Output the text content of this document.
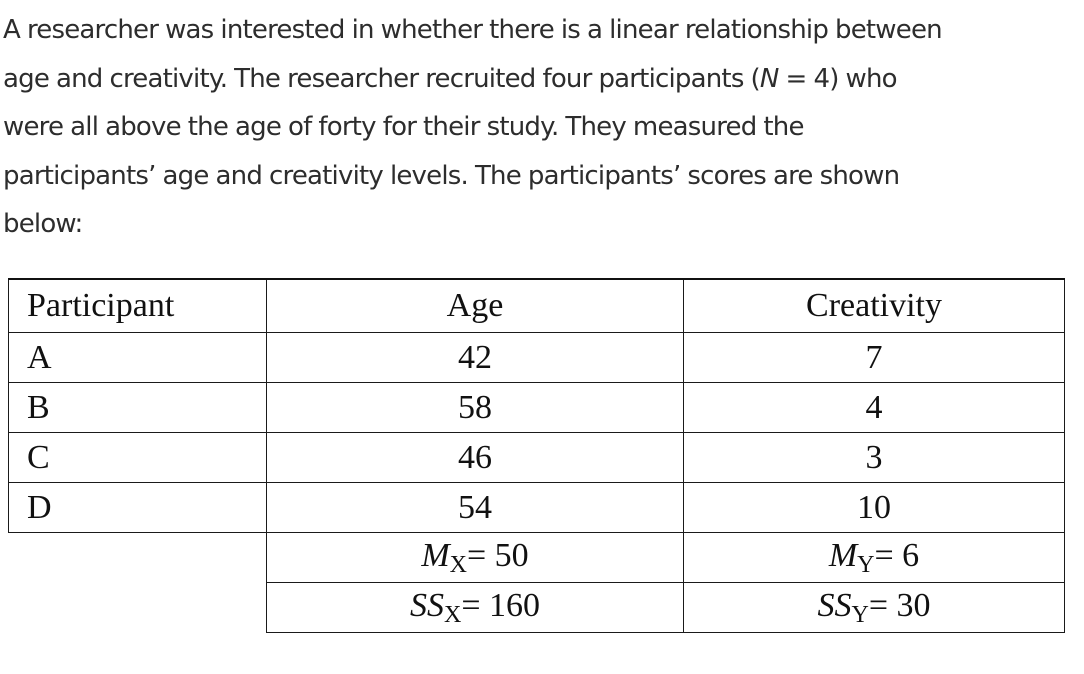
A researcher was interested in whether there is a linear relationship between
age and creativity. The researcher recruited four participants (N = 4) who
were all above the age of forty for their study. They measured the
participants’ age and creativity levels. The participants’ scores are shown
below:

Participant	Age	Creativity
A	42	7
B	58	4
C	46	3
D	54	10
	$M_X= 50$	$M_Y= 6$
	$SS_X= 160$	$SS_Y= 30$
